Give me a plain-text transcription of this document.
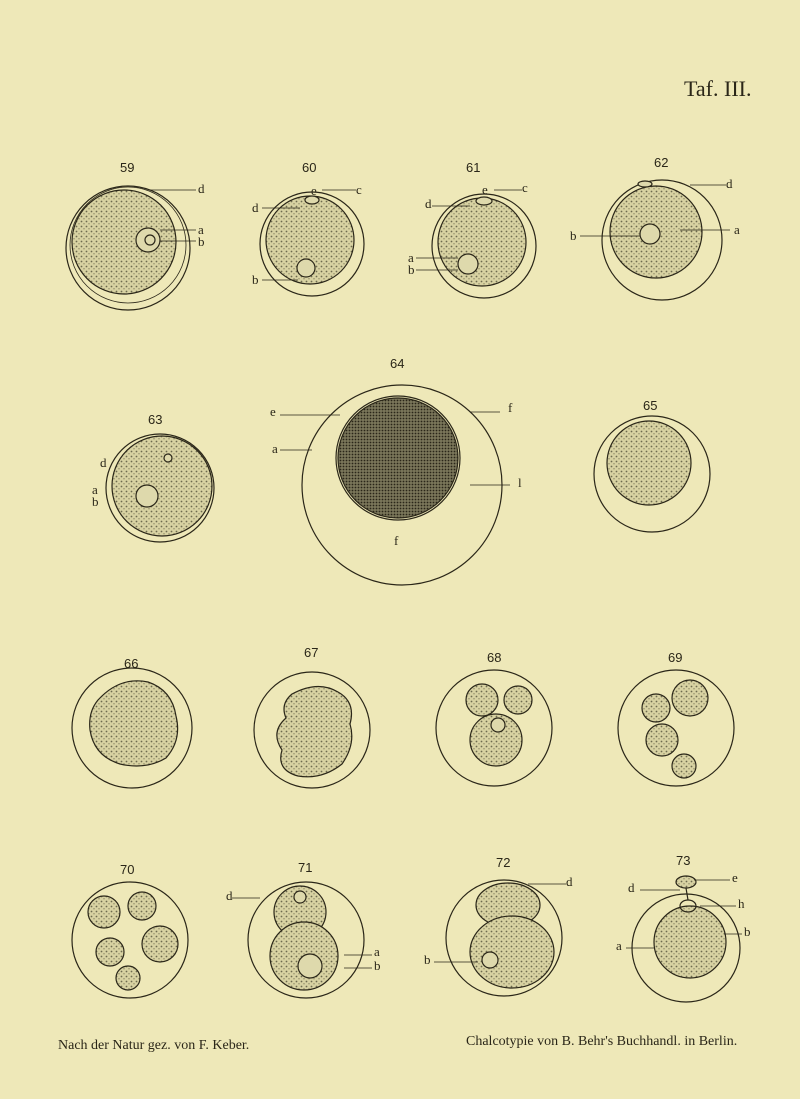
Taf. III.
59	60	61	62
63
64
65
66
67	68	69
70	71	72	73
d
a
b
d
e	c
b
d
e	c
a
b
d
b	a
d
a
b
e
a
f
l
f
d
a
b
d
b
d
e
h
b
a
Nach der Natur gez. von F. Keber.	Chalcotypie von B. Behr's Buchhandl. in Berlin.
